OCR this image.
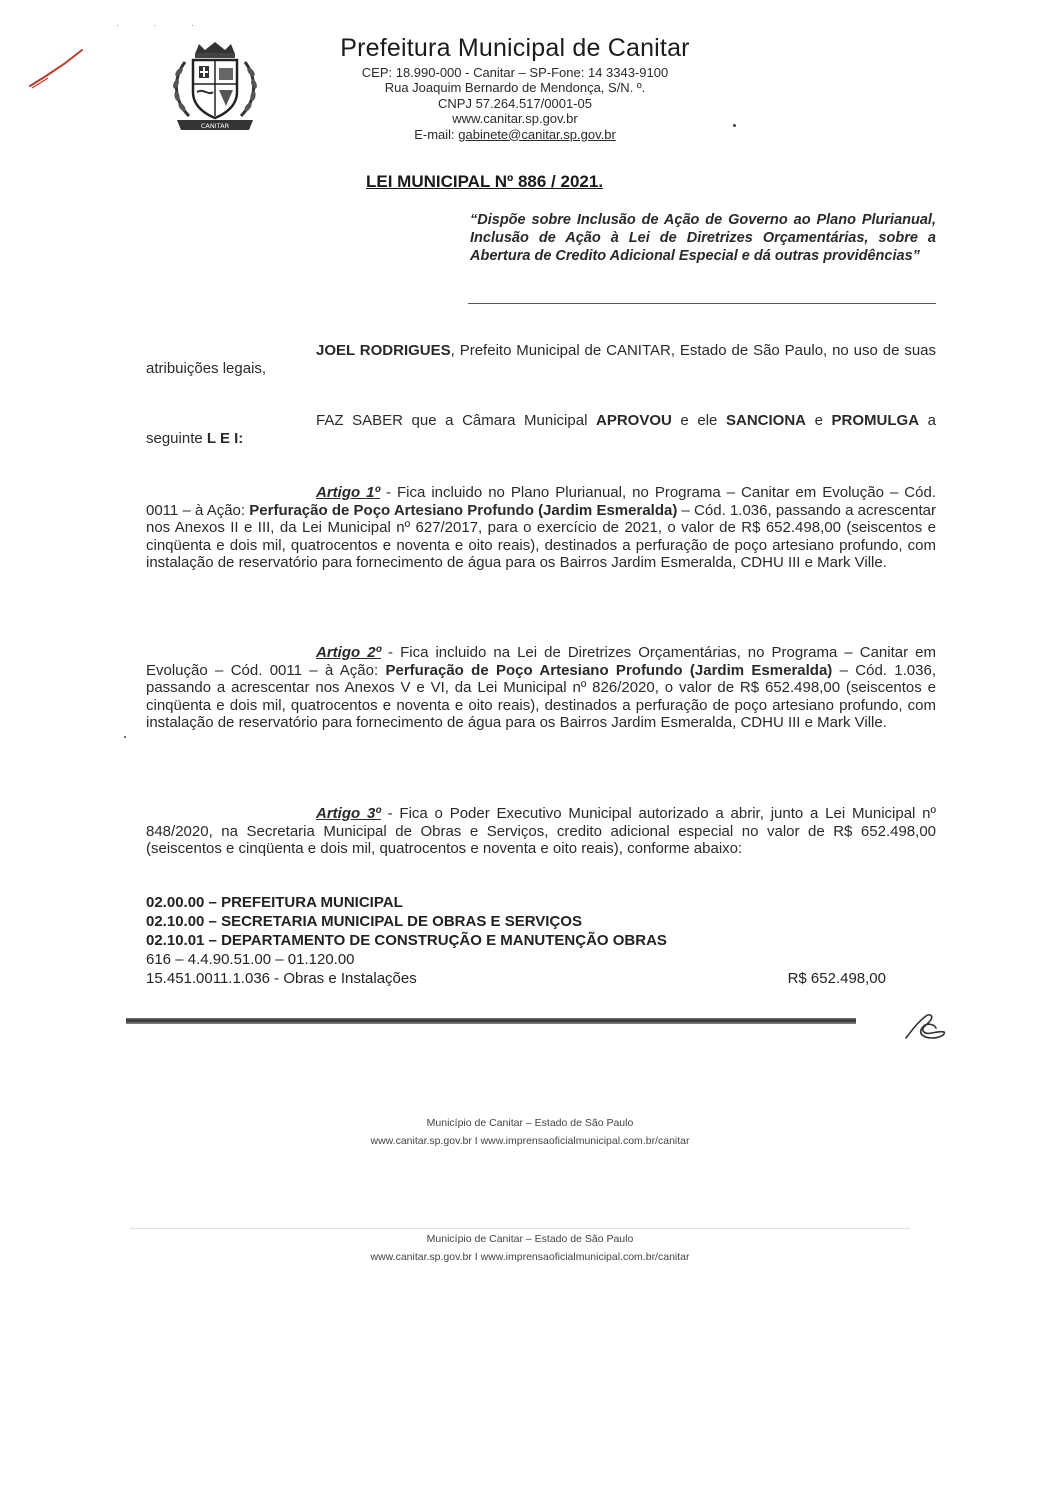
· · ·
CANITAR
Prefeitura Municipal de Canitar
CEP: 18.990-000 - Canitar – SP-Fone: 14 3343-9100
Rua Joaquim Bernardo de Mendonça, S/N. º.
CNPJ 57.264.517/0001-05
www.canitar.sp.gov.br
E-mail: gabinete@canitar.sp.gov.br
LEI MUNICIPAL Nº 886 / 2021.
“Dispõe sobre Inclusão de Ação de Governo ao Plano Plurianual, Inclusão de Ação à Lei de Diretrizes Orçamentárias, sobre a Abertura de Credito Adicional Especial e dá outras providências”
JOEL RODRIGUES, Prefeito Municipal de CANITAR, Estado de São Paulo, no uso de suas atribuições legais,
FAZ SABER que a Câmara Municipal APROVOU e ele SANCIONA e PROMULGA a seguinte L E I:
Artigo 1º - Fica incluido no Plano Plurianual, no Programa – Canitar em Evolução – Cód. 0011 – à Ação: Perfuração de Poço Artesiano Profundo (Jardim Esmeralda) – Cód. 1.036, passando a acrescentar nos Anexos II e III, da Lei Municipal nº 627/2017, para o exercício de 2021, o valor de R$ 652.498,00 (seiscentos e cinqüenta e dois mil, quatrocentos e noventa e oito reais), destinados a perfuração de poço artesiano profundo, com instalação de reservatório para fornecimento de água para os Bairros Jardim Esmeralda, CDHU III e Mark Ville.
Artigo 2º - Fica incluido na Lei de Diretrizes Orçamentárias, no Programa – Canitar em Evolução – Cód. 0011 – à Ação: Perfuração de Poço Artesiano Profundo (Jardim Esmeralda) – Cód. 1.036, passando a acrescentar nos Anexos V e VI, da Lei Municipal nº 826/2020, o valor de R$ 652.498,00 (seiscentos e cinqüenta e dois mil, quatrocentos e noventa e oito reais), destinados a perfuração de poço artesiano profundo, com instalação de reservatório para fornecimento de água para os Bairros Jardim Esmeralda, CDHU III e Mark Ville.
Artigo 3º - Fica o Poder Executivo Municipal autorizado a abrir, junto a Lei Municipal nº 848/2020, na Secretaria Municipal de Obras e Serviços, credito adicional especial no valor de R$ 652.498,00 (seiscentos e cinqüenta e dois mil, quatrocentos e noventa e oito reais), conforme abaixo:
02.00.00 – PREFEITURA MUNICIPAL
02.10.00 – SECRETARIA MUNICIPAL DE OBRAS E SERVIÇOS
02.10.01 – DEPARTAMENTO DE CONSTRUÇÃO E MANUTENÇÃO OBRAS
616 – 4.4.90.51.00 – 01.120.00
15.451.0011.1.036 - Obras e Instalações	R$ 652.498,00
Município de Canitar – Estado de São Paulo
www.canitar.sp.gov.br I www.imprensaoficialmunicipal.com.br/canitar
Município de Canitar – Estado de São Paulo
www.canitar.sp.gov.br I www.imprensaoficialmunicipal.com.br/canitar
